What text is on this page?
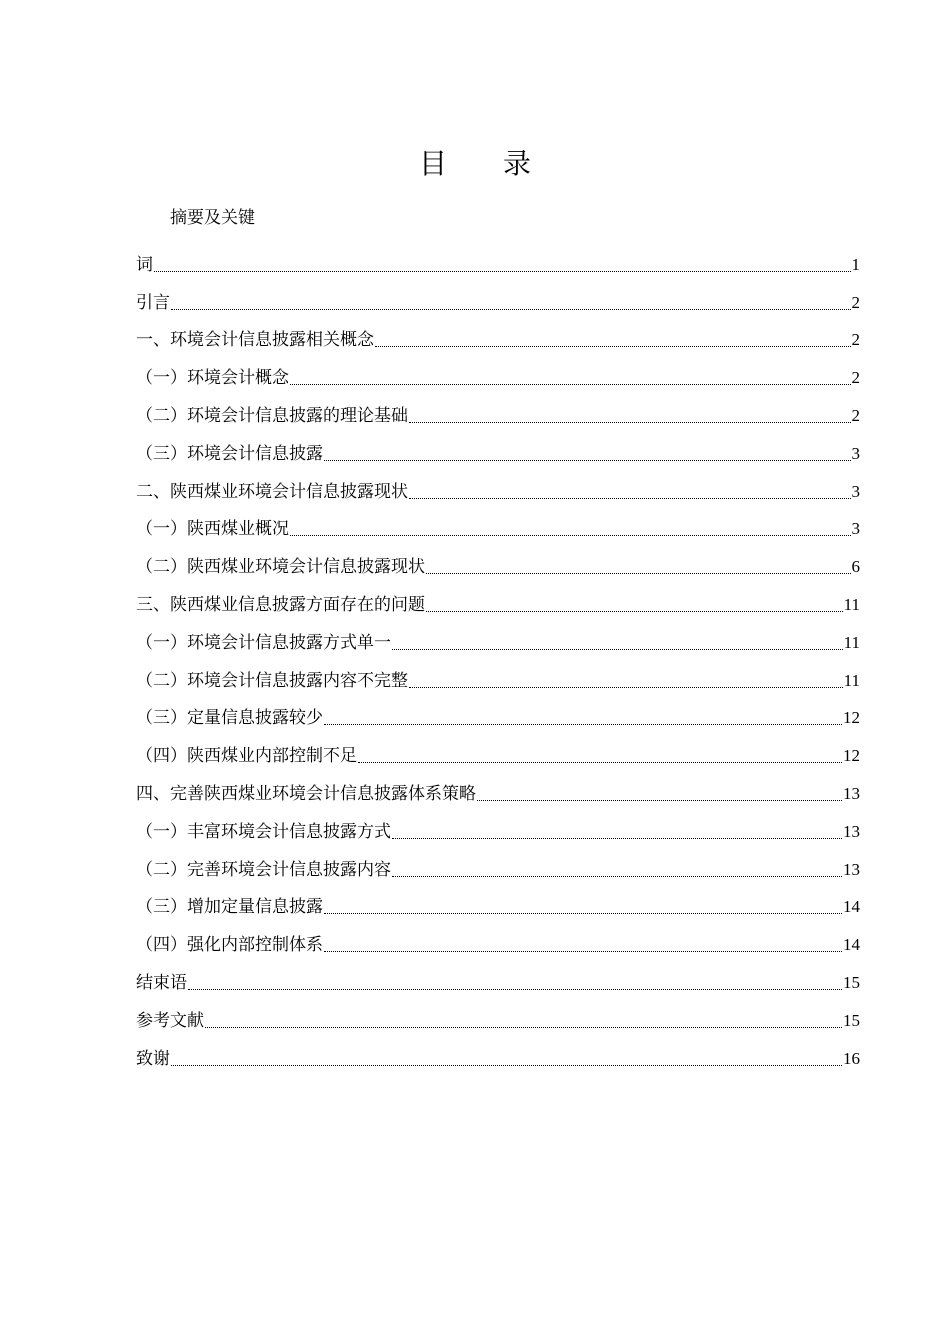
目 录
摘要及关键
词	1
引言	2
一、环境会计信息披露相关概念	2
（一）环境会计概念	2
（二）环境会计信息披露的理论基础	2
（三）环境会计信息披露	3
二、陕西煤业环境会计信息披露现状	3
（一）陕西煤业概况	3
（二）陕西煤业环境会计信息披露现状	6
三、陕西煤业信息披露方面存在的问题	11
（一）环境会计信息披露方式单一	11
（二）环境会计信息披露内容不完整	11
（三）定量信息披露较少	12
（四）陕西煤业内部控制不足	12
四、完善陕西煤业环境会计信息披露体系策略	13
（一）丰富环境会计信息披露方式	13
（二）完善环境会计信息披露内容	13
（三）增加定量信息披露	14
（四）强化内部控制体系	14
结束语	15
参考文献	15
致谢	16
